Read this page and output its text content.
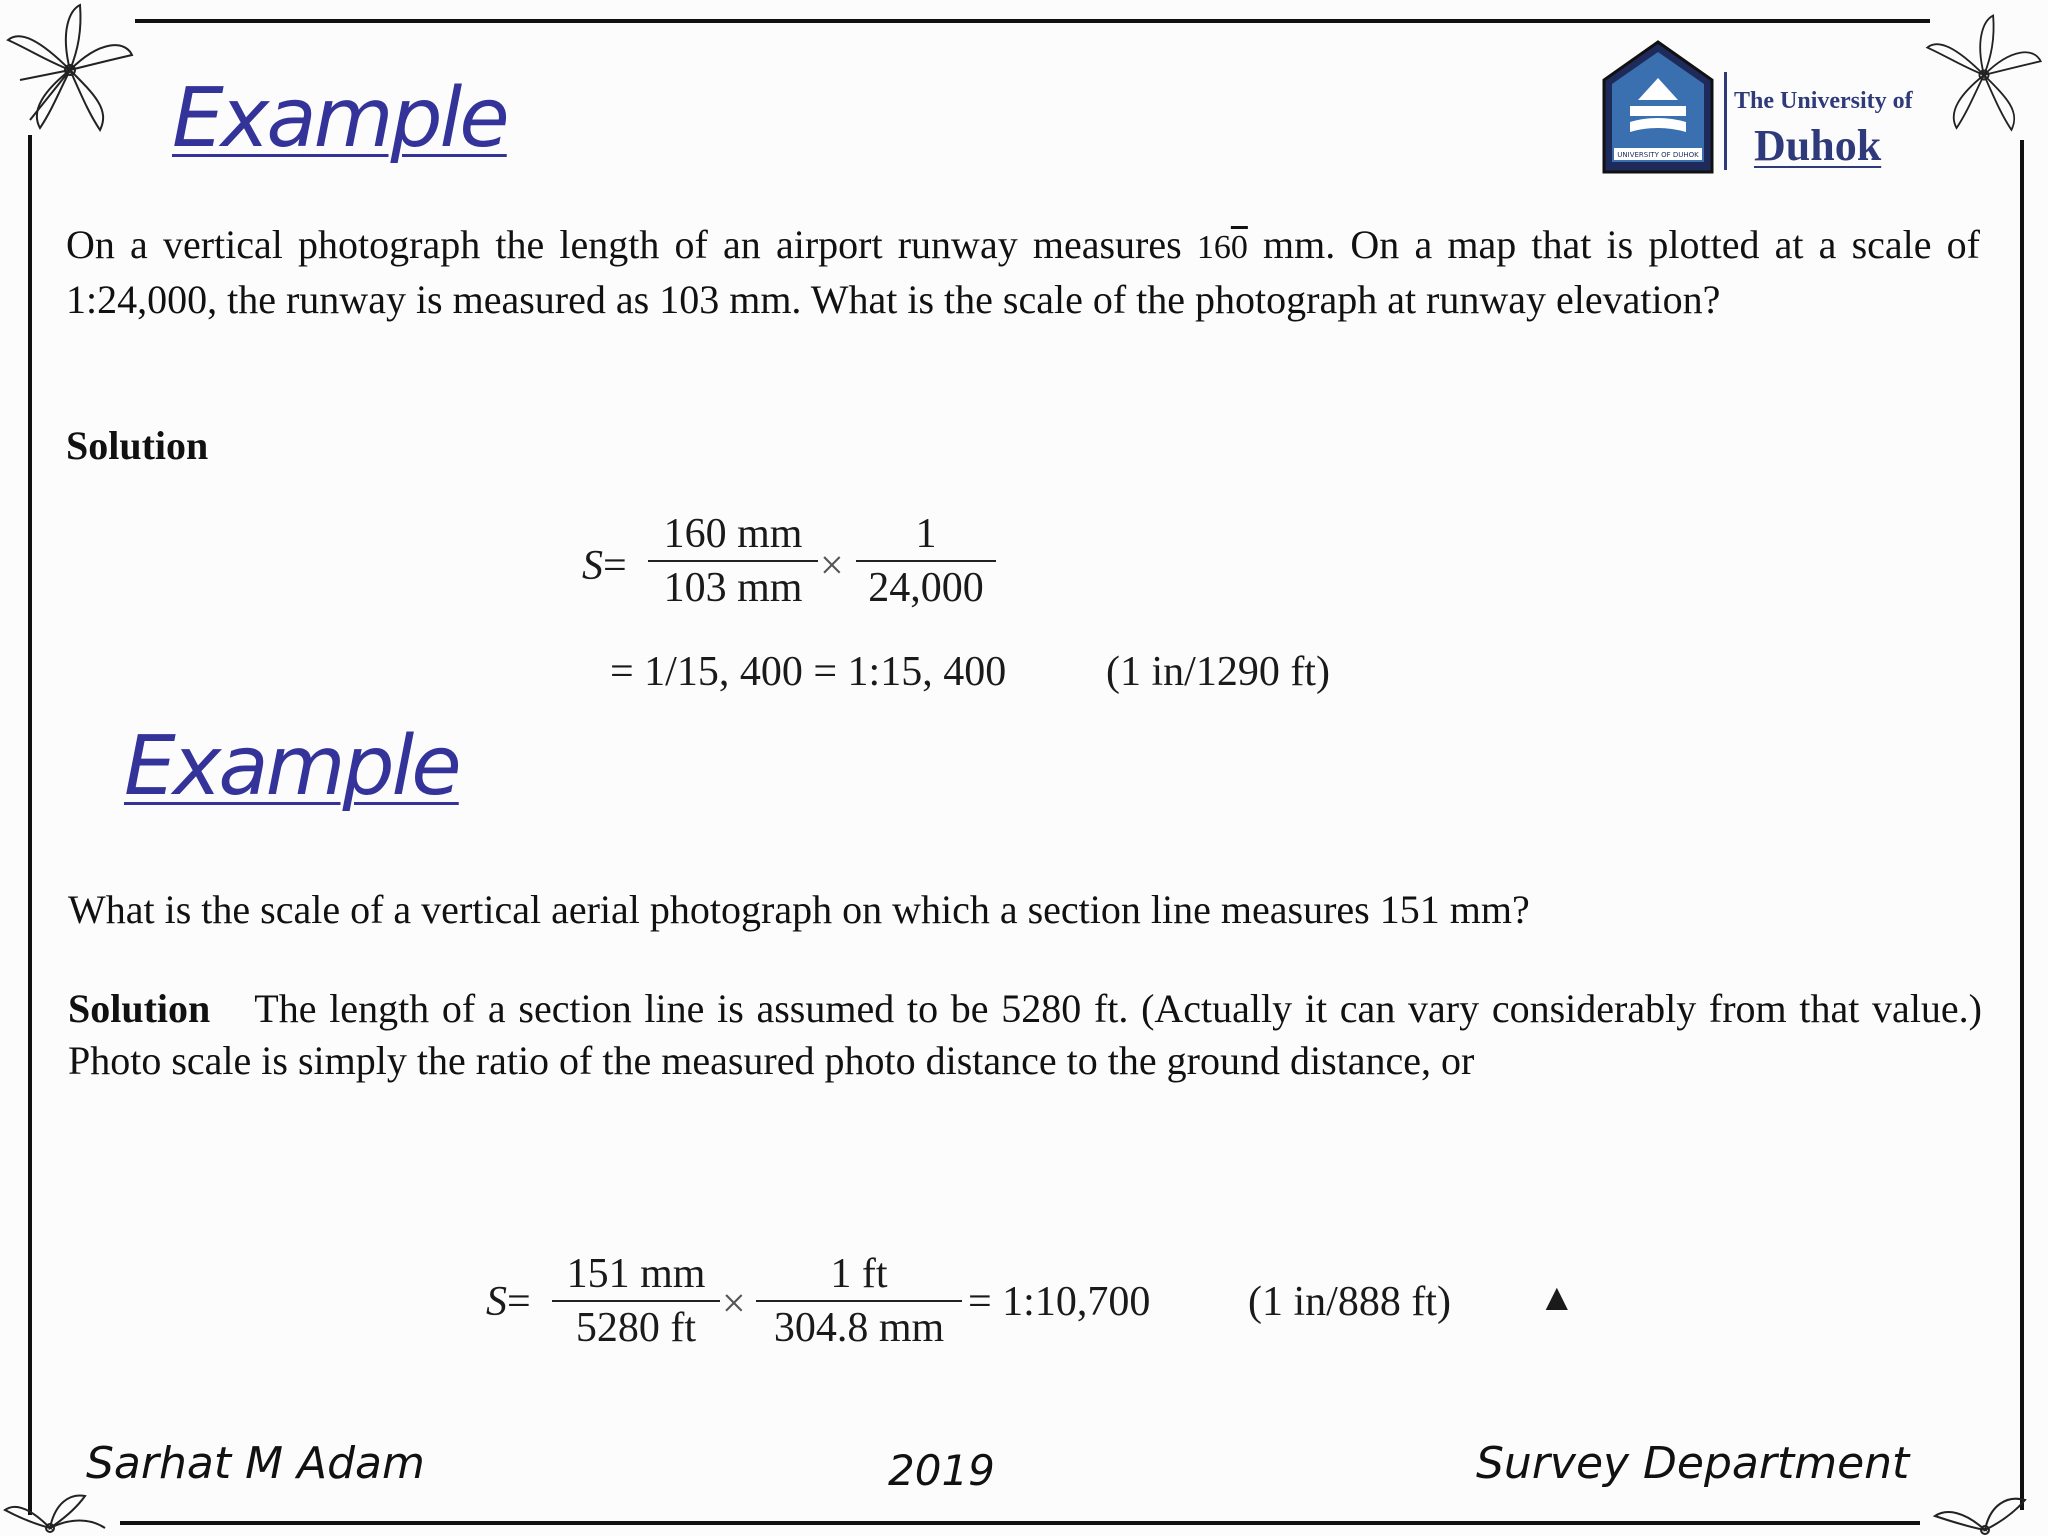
Example	UNIVERSITY OF DUHOK
The University of
Duhok
On a vertical photograph the length of an airport runway measures 160 mm. On a map that is plotted at a scale of 1:24,000, the runway is measured as 103 mm. What is the scale of the photograph at runway elevation?
Solution
S=
160 mm
103 mm ×
1
24,000
= 1/15, 400 = 1:15, 400 (1 in/1290 ft)
Example
What is the scale of a vertical aerial photograph on which a section line measures 151 mm?
Solution The length of a section line is assumed to be 5280 ft. (Actually it can vary considerably from that value.) Photo scale is simply the ratio of the measured photo distance to the ground distance, or
S=
151 mm
5280 ft
×
1 ft
304.8 mm
= 1:10,700 (1 in/888 ft) ▲
Sarhat M Adam	2019	Survey Department
